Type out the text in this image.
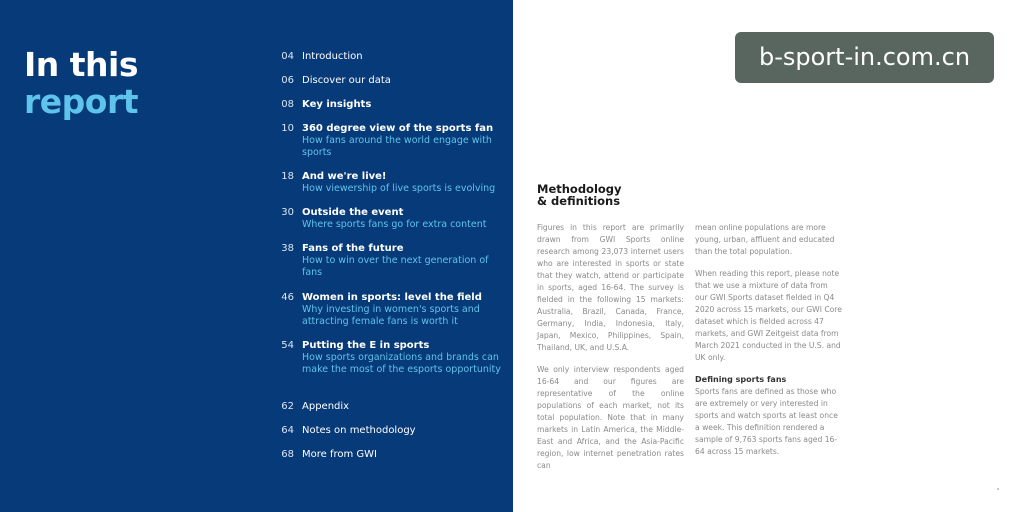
In this
report
04 Introduction
06 Discover our data
08 Key insights
10 360 degree view of the sports fan
How fans around the world engage with sports
18 And we're live!
How viewership of live sports is evolving
30 Outside the event
Where sports fans go for extra content
38 Fans of the future
How to win over the next generation of fans
46 Women in sports: level the field
Why investing in women's sports and attracting female fans is worth it
54 Putting the E in sports
How sports organizations and brands can make the most of the esports opportunity
62 Appendix
64 Notes on methodology
68 More from GWI
b-sport-in.com.cn
Methodology
& definitions

Figures in this report are primarily drawn from GWI Sports online research among 23,073 internet users who are interested in sports or state that they watch, attend or participate in sports, aged 16-64. The survey is fielded in the following 15 markets: Australia, Brazil, Canada, France, Germany, India, Indonesia, Italy, Japan, Mexico, Philippines, Spain, Thailand, UK, and U.S.A.

We only interview respondents aged 16-64 and our figures are representative of the online populations of each market, not its total population. Note that in many markets in Latin America, the Middle-East and Africa, and the Asia-Pacific region, low internet penetration rates can

mean online populations are more young, urban, affluent and educated than the total population.

When reading this report, please note that we use a mixture of data from our GWI Sports dataset fielded in Q4 2020 across 15 markets, our GWI Core dataset which is fielded across 47 markets, and GWI Zeitgeist data from March 2021 conducted in the U.S. and UK only.

Defining sports fans

Sports fans are defined as those who are extremely or very interested in sports and watch sports at least once a week. This definition rendered a sample of 9,763 sports fans aged 16-64 across 15 markets.
